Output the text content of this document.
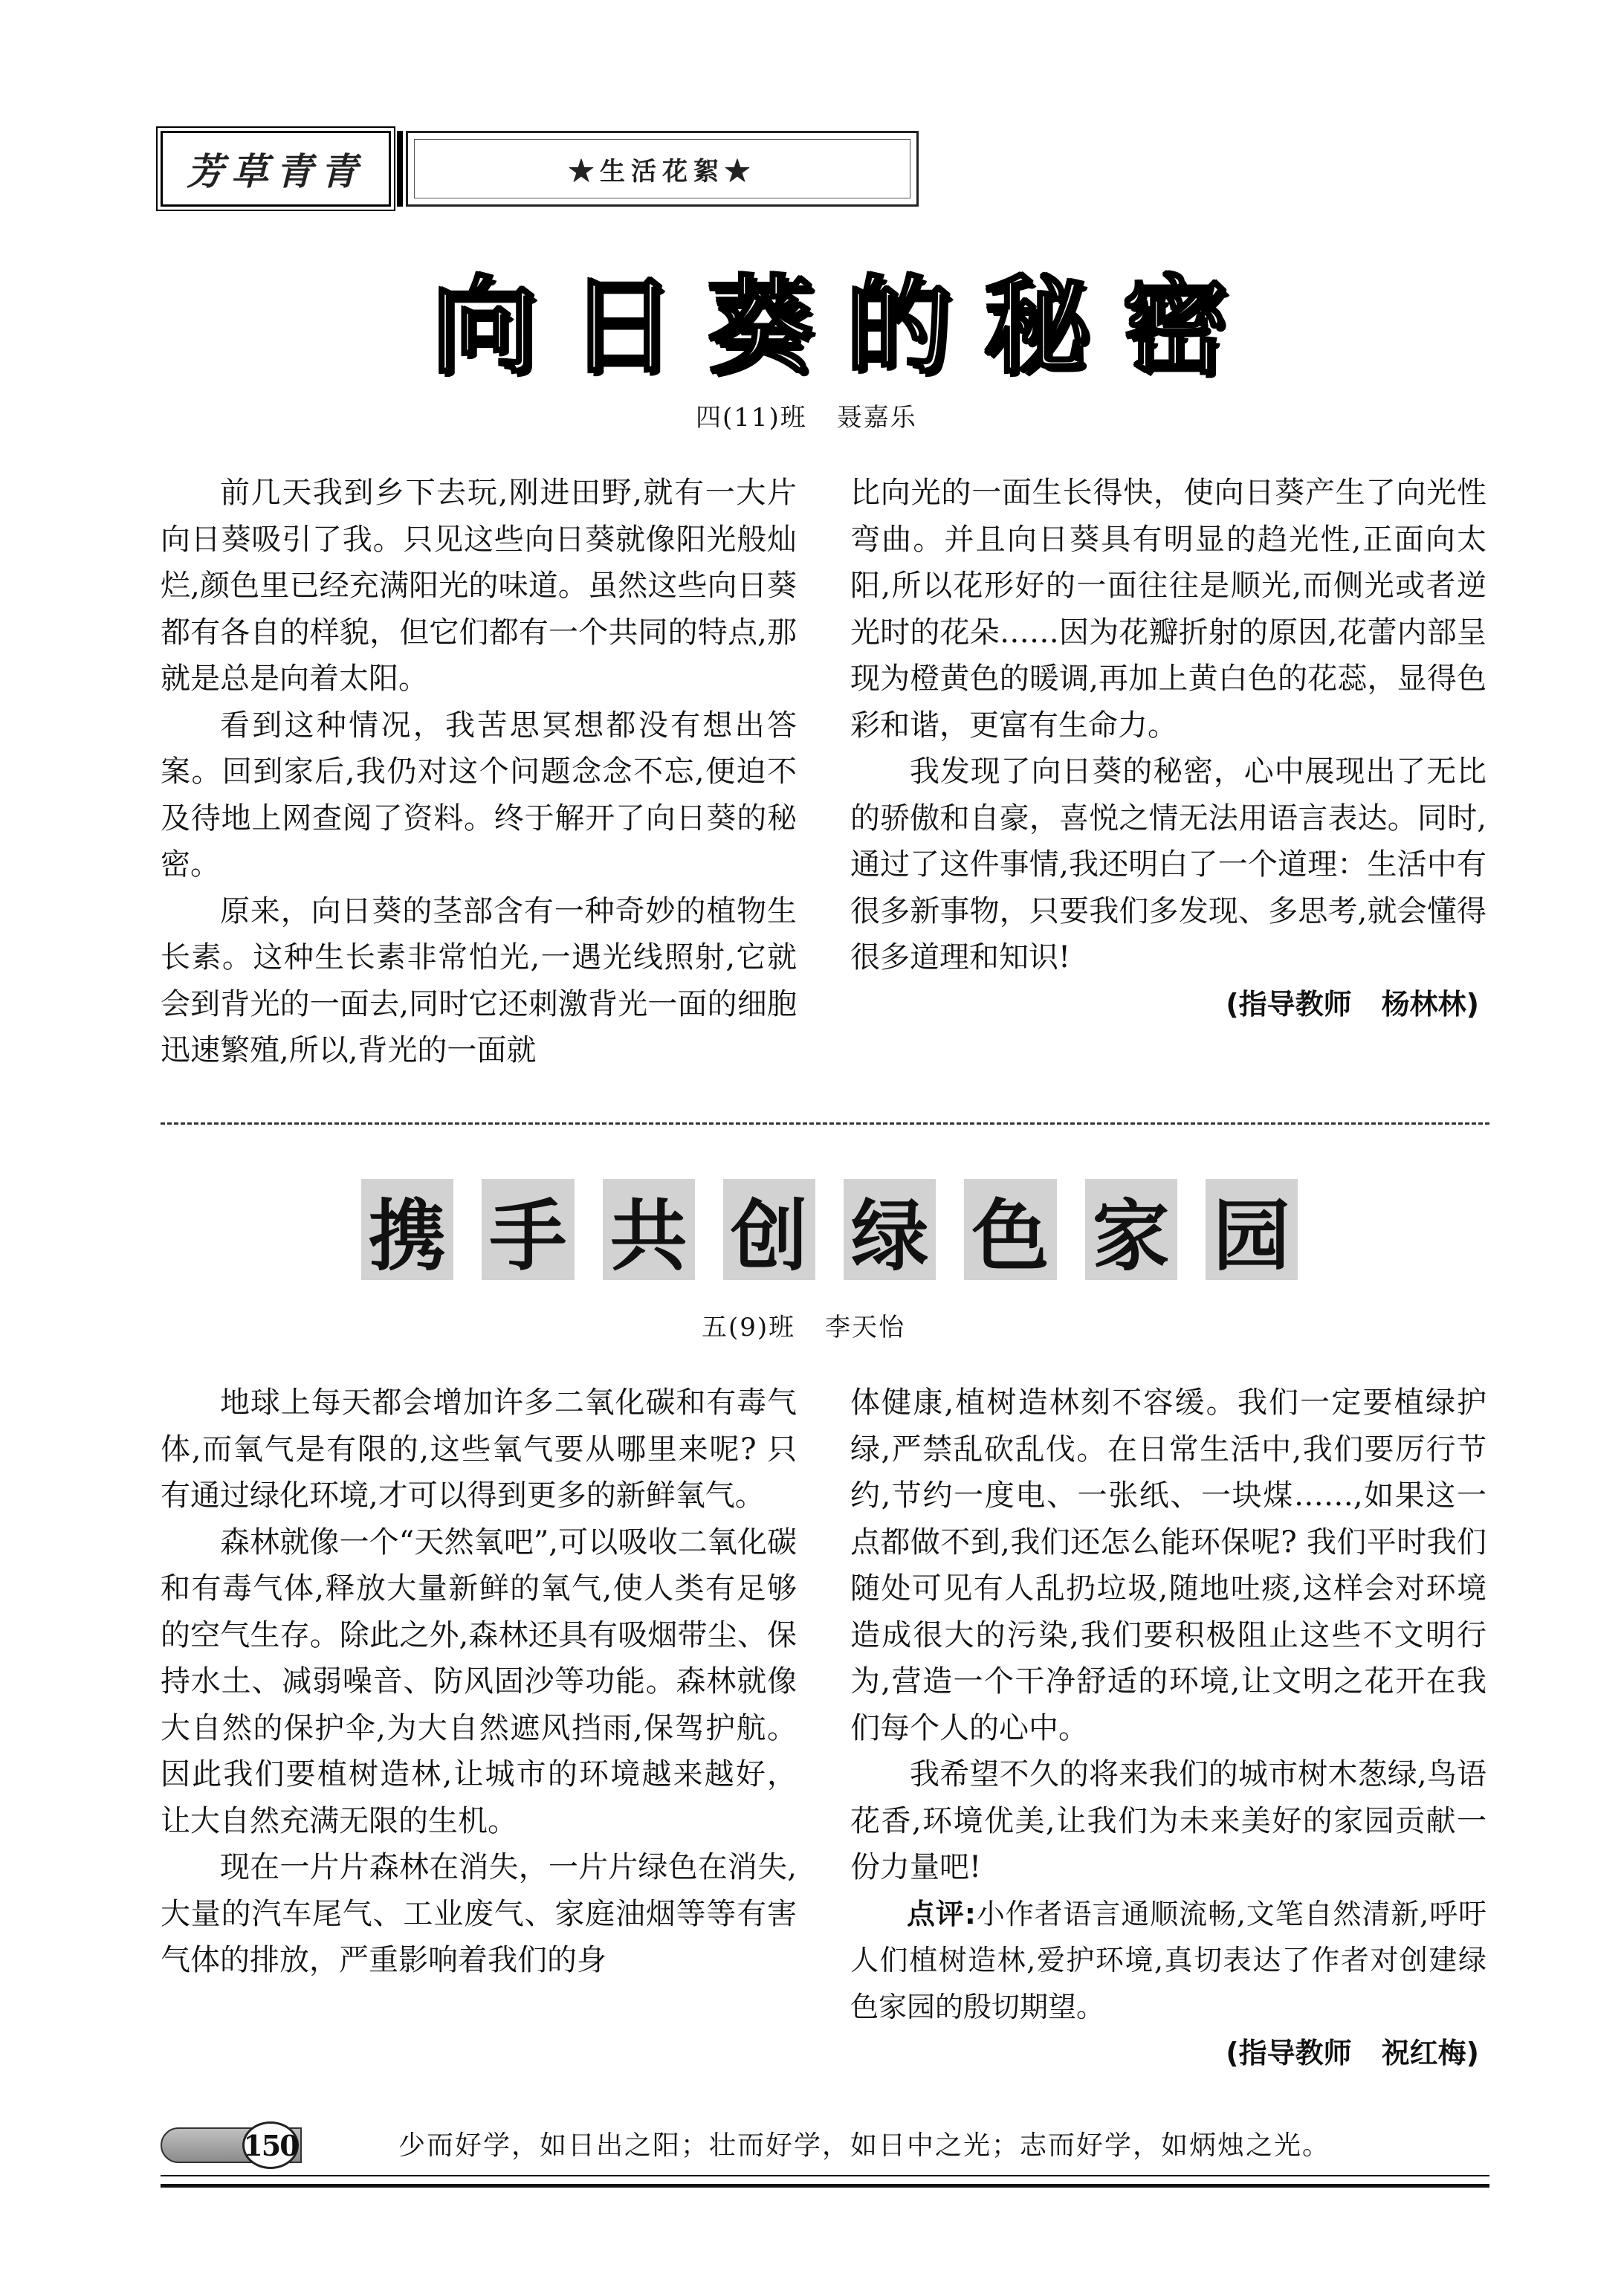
芳草青青	★生活花絮★
向日葵的秘密
四(11)班 聂嘉乐

前几天我到乡下去玩,刚进田野,就有一大片向日葵吸引了我。只见这些向日葵就像阳光般灿烂,颜色里已经充满阳光的味道。虽然这些向日葵都有各自的样貌，但它们都有一个共同的特点,那就是总是向着太阳。

看到这种情况，我苦思冥想都没有想出答案。回到家后,我仍对这个问题念念不忘,便迫不及待地上网查阅了资料。终于解开了向日葵的秘密。

原来，向日葵的茎部含有一种奇妙的植物生长素。这种生长素非常怕光,一遇光线照射,它就会到背光的一面去,同时它还刺激背光一面的细胞迅速繁殖,所以,背光的一面就

比向光的一面生长得快，使向日葵产生了向光性弯曲。并且向日葵具有明显的趋光性,正面向太阳,所以花形好的一面往往是顺光,而侧光或者逆光时的花朵……因为花瓣折射的原因,花蕾内部呈现为橙黄色的暖调,再加上黄白色的花蕊，显得色彩和谐，更富有生命力。

我发现了向日葵的秘密，心中展现出了无比的骄傲和自豪，喜悦之情无法用语言表达。同时,通过了这件事情,我还明白了一个道理：生活中有很多新事物，只要我们多发现、多思考,就会懂得很多道理和知识!

(指导教师 杨林林)

携 手 共 创 绿 色 家 园
五(9)班 李天怡

地球上每天都会增加许多二氧化碳和有毒气体,而氧气是有限的,这些氧气要从哪里来呢? 只有通过绿化环境,才可以得到更多的新鲜氧气。

森林就像一个“天然氧吧”,可以吸收二氧化碳和有毒气体,释放大量新鲜的氧气,使人类有足够的空气生存。除此之外,森林还具有吸烟带尘、保持水土、减弱噪音、防风固沙等功能。森林就像大自然的保护伞,为大自然遮风挡雨,保驾护航。因此我们要植树造林,让城市的环境越来越好， 让大自然充满无限的生机。

现在一片片森林在消失，一片片绿色在消失,大量的汽车尾气、工业废气、家庭油烟等等有害气体的排放，严重影响着我们的身

体健康,植树造林刻不容缓。我们一定要植绿护绿,严禁乱砍乱伐。在日常生活中,我们要厉行节约,节约一度电、一张纸、一块煤……,如果这一点都做不到,我们还怎么能环保呢? 我们平时我们随处可见有人乱扔垃圾,随地吐痰,这样会对环境造成很大的污染,我们要积极阻止这些不文明行为,营造一个干净舒适的环境,让文明之花开在我们每个人的心中。

我希望不久的将来我们的城市树木葱绿,鸟语花香,环境优美,让我们为未来美好的家园贡献一份力量吧!

点评:小作者语言通顺流畅,文笔自然清新,呼吁人们植树造林,爱护环境,真切表达了作者对创建绿色家园的殷切期望。

(指导教师 祝红梅)

150	少而好学，如日出之阳；壮而好学，如日中之光；志而好学，如炳烛之光。
